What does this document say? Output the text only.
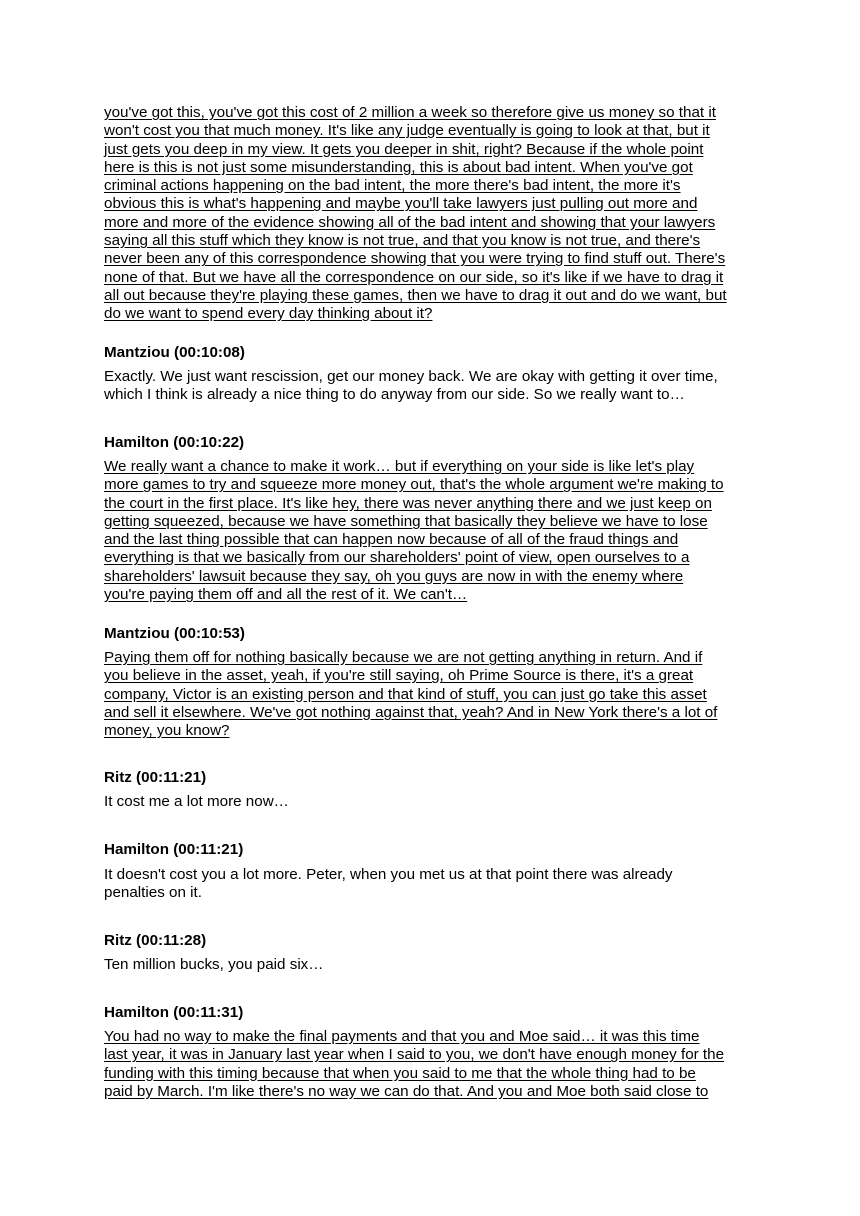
you've got this, you've got this cost of 2 million a week so therefore give us money so that it
won't cost you that much money. It's like any judge eventually is going to look at that, but it
just gets you deep in my view. It gets you deeper in shit, right? Because if the whole point
here is this is not just some misunderstanding, this is about bad intent. When you've got
criminal actions happening on the bad intent, the more there's bad intent, the more it's
obvious this is what's happening and maybe you'll take lawyers just pulling out more and
more and more of the evidence showing all of the bad intent and showing that your lawyers
saying all this stuff which they know is not true, and that you know is not true, and there's
never been any of this correspondence showing that you were trying to find stuff out. There's
none of that. But we have all the correspondence on our side, so it's like if we have to drag it
all out because they're playing these games, then we have to drag it out and do we want, but
do we want to spend every day thinking about it?
Mantziou (00:10:08)
Exactly. We just want rescission, get our money back. We are okay with getting it over time,
which I think is already a nice thing to do anyway from our side. So we really want to…
Hamilton (00:10:22)
We really want a chance to make it work… but if everything on your side is like let's play
more games to try and squeeze more money out, that's the whole argument we're making to
the court in the first place. It's like hey, there was never anything there and we just keep on
getting squeezed, because we have something that basically they believe we have to lose
and the last thing possible that can happen now because of all of the fraud things and
everything is that we basically from our shareholders' point of view, open ourselves to a
shareholders' lawsuit because they say, oh you guys are now in with the enemy where
you're paying them off and all the rest of it. We can't…
Mantziou (00:10:53)
Paying them off for nothing basically because we are not getting anything in return. And if
you believe in the asset, yeah, if you're still saying, oh Prime Source is there, it's a great
company, Victor is an existing person and that kind of stuff, you can just go take this asset
and sell it elsewhere. We've got nothing against that, yeah? And in New York there's a lot of
money, you know?
Ritz (00:11:21)
It cost me a lot more now…
Hamilton (00:11:21)
It doesn't cost you a lot more. Peter, when you met us at that point there was already
penalties on it.
Ritz (00:11:28)
Ten million bucks, you paid six…
Hamilton (00:11:31)
You had no way to make the final payments and that you and Moe said… it was this time
last year, it was in January last year when I said to you, we don't have enough money for the
funding with this timing because that when you said to me that the whole thing had to be
paid by March. I'm like there's no way we can do that. And you and Moe both said close to
